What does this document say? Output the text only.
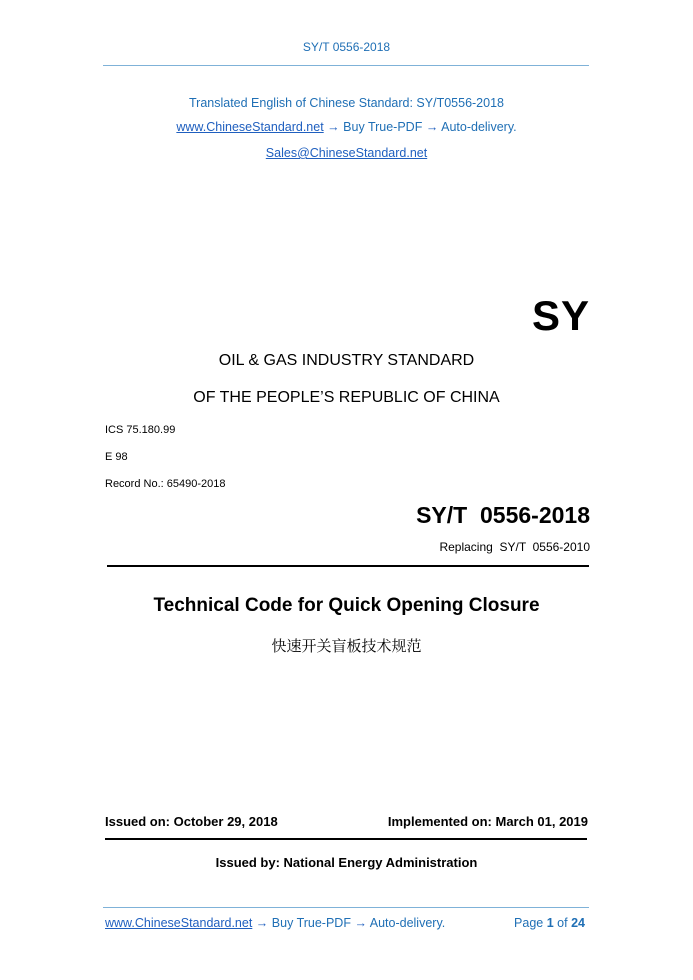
SY/T 0556-2018
Translated English of Chinese Standard: SY/T0556-2018
www.ChineseStandard.net → Buy True-PDF → Auto-delivery.
Sales@ChineseStandard.net
SY
OIL & GAS INDUSTRY STANDARD
OF THE PEOPLE’S REPUBLIC OF CHINA
ICS 75.180.99
E 98
Record No.: 65490-2018
SY/T  0556-2018
Replacing  SY/T  0556-2010
Technical Code for Quick Opening Closure
快速开关盲板技术规范
Issued on: October 29, 2018	Implemented on: March 01, 2019
Issued by: National Energy Administration
www.ChineseStandard.net → Buy True-PDF → Auto-delivery.	Page 1 of 24
